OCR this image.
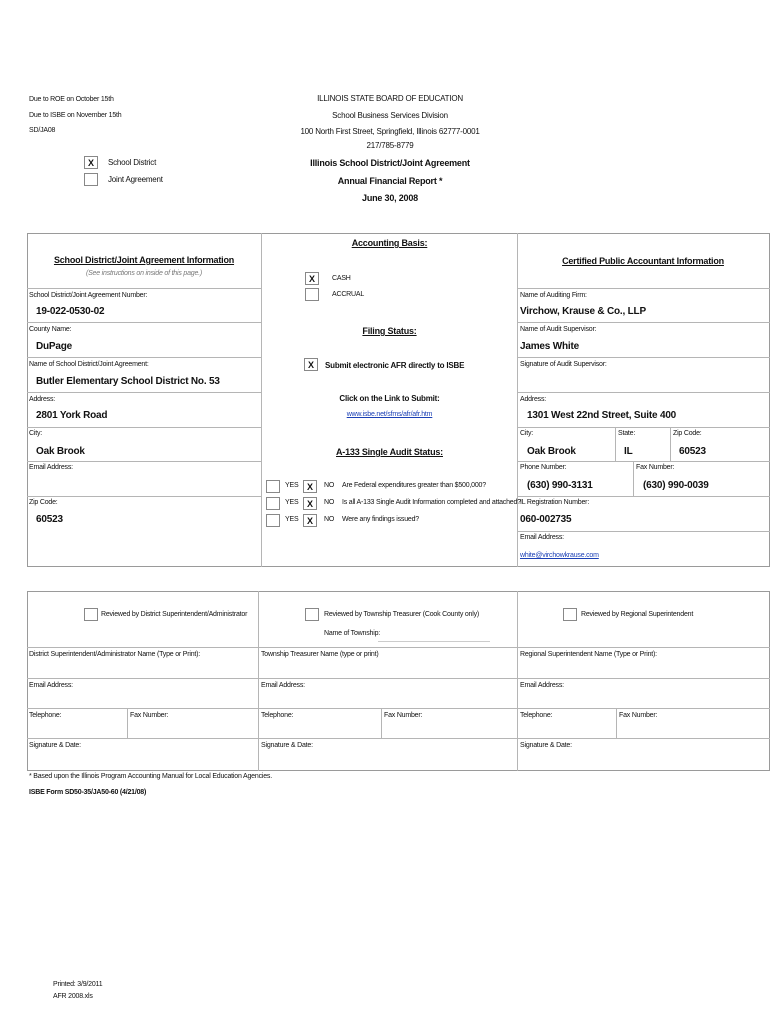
Due to ROE on October 15th
Due to ISBE on November 15th
SD/JA08
ILLINOIS STATE BOARD OF EDUCATION
School Business Services Division
100 North First Street, Springfield, Illinois 62777-0001
217/785-8779
Illinois School District/Joint Agreement
Annual Financial Report *
June 30, 2008
X	School District
Joint Agreement
School District/Joint Agreement Information
(See instructions on inside of this page.)
School District/Joint Agreement Number:
19-022-0530-02
County Name:
DuPage
Name of School District/Joint Agreement:
Butler Elementary School District No. 53
Address:
2801 York Road
City:
Oak Brook
Email Address:
Zip Code:
60523
Accounting Basis:
X	CASH
ACCRUAL
Filing Status:
X	Submit electronic AFR directly to ISBE
Click on the Link to Submit:
www.isbe.net/sfms/afr/afr.htm
A-133 Single Audit Status:
YES X	NO Are Federal expenditures greater than $500,000?
YES X	NO Is all A-133 Single Audit Information completed and attached?
YES X	NO Were any findings issued?
Certified Public Accountant Information
Name of Auditing Firm:
Virchow, Krause & Co., LLP
Name of Audit Supervisor:
James White
Signature of Audit Supervisor:
Address:
1301 West 22nd Street, Suite 400
City:
Oak Brook
State:
IL
Zip Code:
60523
Phone Number:
(630) 990-3131
Fax Number:
(630) 990-0039
IL Registration Number:
060-002735
Email Address:
white@virchowkrause.com
Reviewed by District Superintendent/Administrator	Reviewed by Township Treasurer (Cook County only)
Name of Township:
Reviewed by Regional Superintendent
District Superintendent/Administrator Name (Type or Print):	Township Treasurer Name (type or print)	Regional Superintendent Name (Type or Print):
Email Address:	Email Address:	Email Address:
Telephone:	Fax Number:	Telephone:	Fax Number:	Telephone:	Fax Number:
Signature & Date:	Signature & Date:	Signature & Date:
* Based upon the Illinois Program Accounting Manual for Local Education Agencies.
ISBE Form SD50-35/JA50-60 (4/21/08)
Printed: 3/9/2011
AFR 2008.xls
